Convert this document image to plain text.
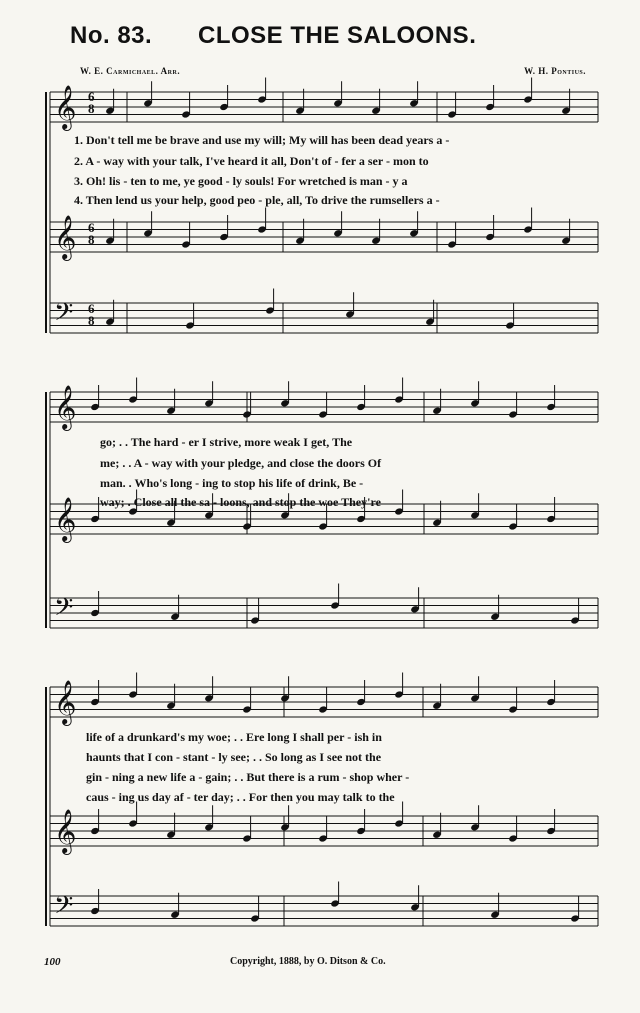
No. 83. CLOSE THE SALOONS.
W. E. Carmichael. Arr.	W. H. Pontius.
6
8
6
8
6
8
𝄞
𝄞
𝄢
𝄞
𝄞
𝄢
𝄞
𝄞
𝄢
1. Don't tell me be brave and use my will; My will has been dead years a -
2. A - way with your talk, I've heard it all, Don't of - fer a ser - mon to
3. Oh! lis - ten to me, ye good - ly souls! For wretched is man - y a
4. Then lend us your help, good peo - ple, all, To drive the rumsellers a -
go; . . The hard - er I strive, more weak I get, The
me; . . A - way with your pledge, and close the doors Of
man. . Who's long - ing to stop his life of drink, Be -
way; . Close all the sa - loons, and stop the woe They're
life of a drunkard's my woe; . . Ere long I shall per - ish in
haunts that I con - stant - ly see; . . So long as I see not the
gin - ning a new life a - gain; . . But there is a rum - shop wher -
caus - ing us day af - ter day; . . For then you may talk to the
100	Copyright, 1888, by O. Ditson & Co.
